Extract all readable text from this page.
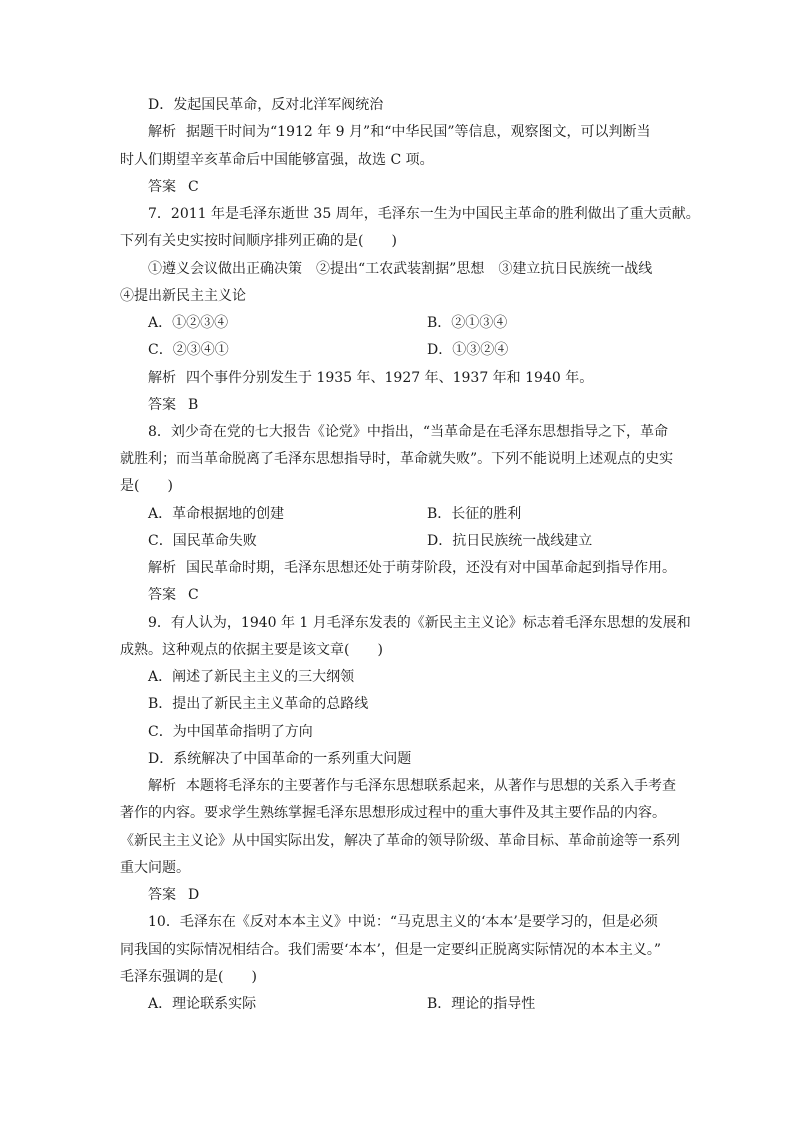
D．发起国民革命，反对北洋军阀统治
解析 据题干时间为“1912 年 9 月”和“中华民国”等信息，观察图文，可以判断当
时人们期望辛亥革命后中国能够富强，故选 C 项。
答案 C
7．2011 年是毛泽东逝世 35 周年，毛泽东一生为中国民主革命的胜利做出了重大贡献。
下列有关史实按时间顺序排列正确的是(　　)
①遵义会议做出正确决策　②提出“工农武装割据”思想　③建立抗日民族统一战线
④提出新民主主义论
A．①②③④	B．②①③④
C．②③④①	D．①③②④
解析 四个事件分别发生于 1935 年、1927 年、1937 年和 1940 年。
答案 B
8．刘少奇在党的七大报告《论党》中指出，“当革命是在毛泽东思想指导之下，革命
就胜利；而当革命脱离了毛泽东思想指导时，革命就失败”。下列不能说明上述观点的史实
是(　　)
A．革命根据地的创建	B．长征的胜利
C．国民革命失败	D．抗日民族统一战线建立
解析 国民革命时期，毛泽东思想还处于萌芽阶段，还没有对中国革命起到指导作用。
答案 C
9．有人认为，1940 年 1 月毛泽东发表的《新民主主义论》标志着毛泽东思想的发展和
成熟。这种观点的依据主要是该文章(　　)
A．阐述了新民主主义的三大纲领
B．提出了新民主主义革命的总路线
C．为中国革命指明了方向
D．系统解决了中国革命的一系列重大问题
解析 本题将毛泽东的主要著作与毛泽东思想联系起来，从著作与思想的关系入手考查
著作的内容。要求学生熟练掌握毛泽东思想形成过程中的重大事件及其主要作品的内容。
《新民主主义论》从中国实际出发，解决了革命的领导阶级、革命目标、革命前途等一系列
重大问题。
答案 D
10．毛泽东在《反对本本主义》中说：“马克思主义的‘本本’是要学习的，但是必须
同我国的实际情况相结合。我们需要‘本本’，但是一定要纠正脱离实际情况的本本主义。”
毛泽东强调的是(　　)
A．理论联系实际	B．理论的指导性
